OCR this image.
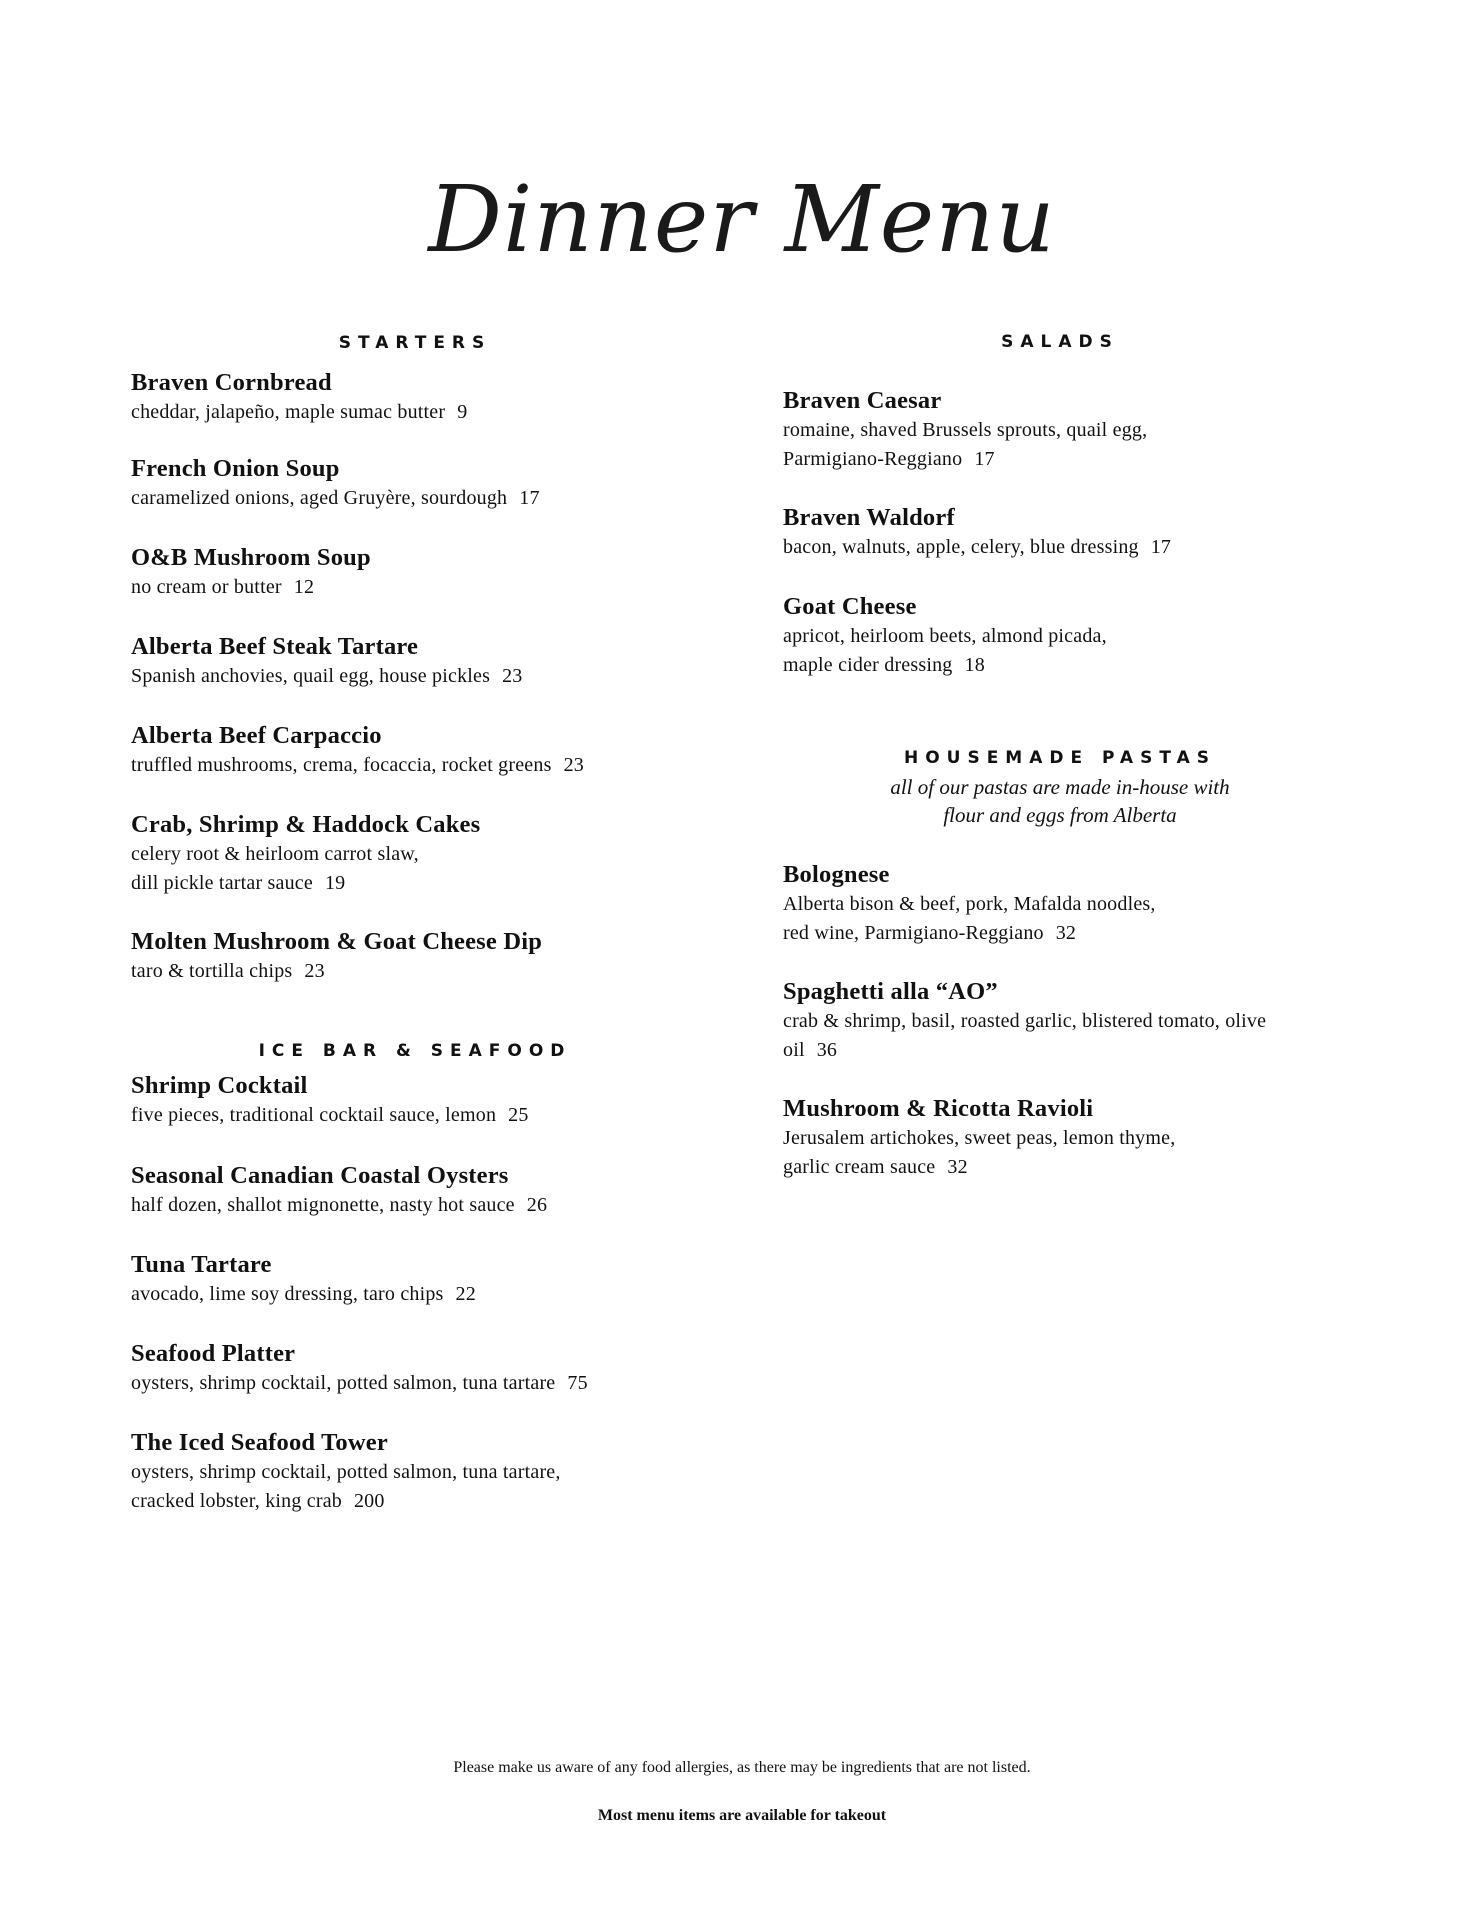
Dinner Menu
STARTERS
Braven Cornbread
cheddar, jalapeño, maple sumac butter 9
French Onion Soup
caramelized onions, aged Gruyère, sourdough 17
O&B Mushroom Soup
no cream or butter 12
Alberta Beef Steak Tartare
Spanish anchovies, quail egg, house pickles 23
Alberta Beef Carpaccio
truffled mushrooms, crema, focaccia, rocket greens 23
Crab, Shrimp & Haddock Cakes
celery root & heirloom carrot slaw,
dill pickle tartar sauce 19
Molten Mushroom & Goat Cheese Dip
taro & tortilla chips 23
ICE BAR & SEAFOOD
Shrimp Cocktail
five pieces, traditional cocktail sauce, lemon 25
Seasonal Canadian Coastal Oysters
half dozen, shallot mignonette, nasty hot sauce 26
Tuna Tartare
avocado, lime soy dressing, taro chips 22
Seafood Platter
oysters, shrimp cocktail, potted salmon, tuna tartare 75
The Iced Seafood Tower
oysters, shrimp cocktail, potted salmon, tuna tartare,
cracked lobster, king crab 200
SALADS
Braven Caesar
romaine, shaved Brussels sprouts, quail egg,
Parmigiano-Reggiano 17
Braven Waldorf
bacon, walnuts, apple, celery, blue dressing 17
Goat Cheese
apricot, heirloom beets, almond picada,
maple cider dressing 18
HOUSEMADE PASTAS
all of our pastas are made in-house with
flour and eggs from Alberta
Bolognese
Alberta bison & beef, pork, Mafalda noodles,
red wine, Parmigiano-Reggiano 32
Spaghetti alla “AO”
crab & shrimp, basil, roasted garlic, blistered tomato, olive
oil 36
Mushroom & Ricotta Ravioli
Jerusalem artichokes, sweet peas, lemon thyme,
garlic cream sauce 32
Please make us aware of any food allergies, as there may be ingredients that are not listed.
Most menu items are available for takeout
